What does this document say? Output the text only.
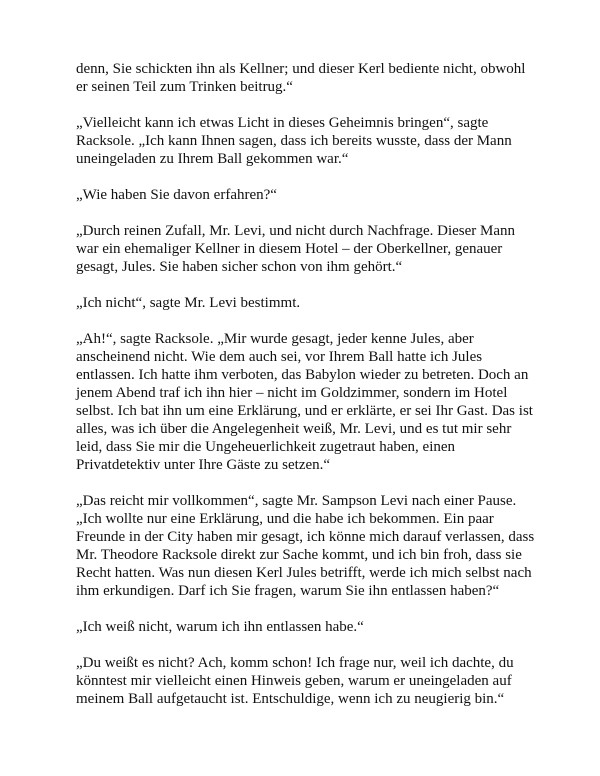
denn, Sie schickten ihn als Kellner; und dieser Kerl bediente nicht, obwohl er seinen Teil zum Trinken beitrug.“

„Vielleicht kann ich etwas Licht in dieses Geheimnis bringen“, sagte Racksole. „Ich kann Ihnen sagen, dass ich bereits wusste, dass der Mann uneingeladen zu Ihrem Ball gekommen war.“

„Wie haben Sie davon erfahren?“

„Durch reinen Zufall, Mr. Levi, und nicht durch Nachfrage. Dieser Mann war ein ehemaliger Kellner in diesem Hotel – der Oberkellner, genauer gesagt, Jules. Sie haben sicher schon von ihm gehört.“

„Ich nicht“, sagte Mr. Levi bestimmt.

„Ah!“, sagte Racksole. „Mir wurde gesagt, jeder kenne Jules, aber anscheinend nicht. Wie dem auch sei, vor Ihrem Ball hatte ich Jules entlassen. Ich hatte ihm verboten, das Babylon wieder zu betreten. Doch an jenem Abend traf ich ihn hier – nicht im Goldzimmer, sondern im Hotel selbst. Ich bat ihn um eine Erklärung, und er erklärte, er sei Ihr Gast. Das ist alles, was ich über die Angelegenheit weiß, Mr. Levi, und es tut mir sehr leid, dass Sie mir die Ungeheuerlichkeit zugetraut haben, einen Privatdetektiv unter Ihre Gäste zu setzen.“

„Das reicht mir vollkommen“, sagte Mr. Sampson Levi nach einer Pause. „Ich wollte nur eine Erklärung, und die habe ich bekommen. Ein paar Freunde in der City haben mir gesagt, ich könne mich darauf verlassen, dass Mr. Theodore Racksole direkt zur Sache kommt, und ich bin froh, dass sie Recht hatten. Was nun diesen Kerl Jules betrifft, werde ich mich selbst nach ihm erkundigen. Darf ich Sie fragen, warum Sie ihn entlassen haben?“

„Ich weiß nicht, warum ich ihn entlassen habe.“

„Du weißt es nicht? Ach, komm schon! Ich frage nur, weil ich dachte, du könntest mir vielleicht einen Hinweis geben, warum er uneingeladen auf meinem Ball aufgetaucht ist. Entschuldige, wenn ich zu neugierig bin.“
